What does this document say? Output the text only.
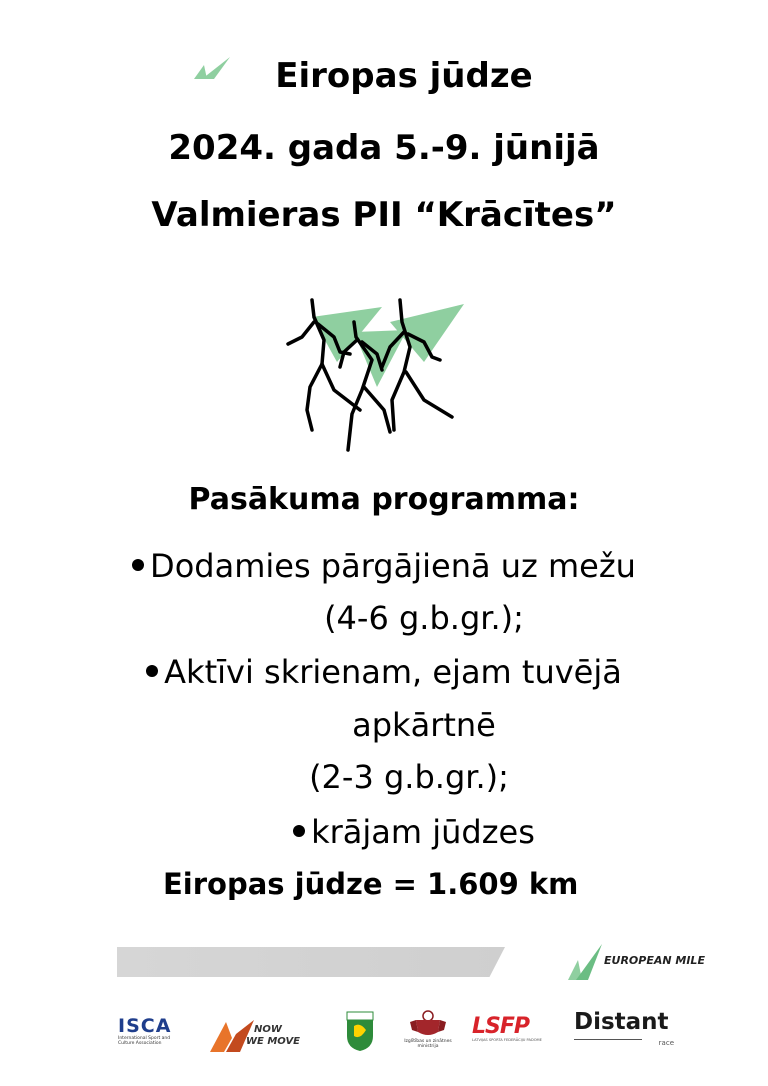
Eiropas jūdze
2024. gada 5.-9. jūnijā
Valmieras PII “Krācītes”
Pasākuma programma:
Dodamies pārgājienā uz mežu
(4-6 g.b.gr.);
Aktīvi skrienam, ejam tuvējā
apkārtnē
(2-3 g.b.gr.);
krājam jūdzes
Eiropas jūdze = 1.609 km
EUROPEAN MILE
ISCA
International Sport and Culture Association
NOW
WE MOVE	Izglītības un zinātnes ministrija
LSFP
LATVIJAS SPORTA FEDERĀCIJU PADOME
Distant
race
